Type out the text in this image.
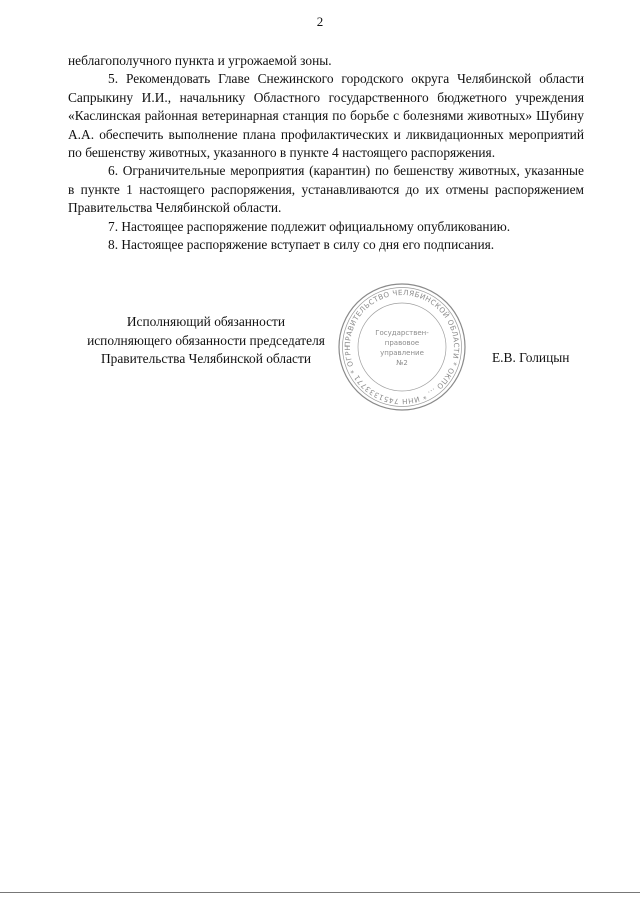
2

неблагополучного пункта и угрожаемой зоны.

5. Рекомендовать Главе Снежинского городского округа Челябинской области Сапрыкину И.И., начальнику Областного государственного бюджетного учреждения «Каслинская районная ветеринарная станция по борьбе с болезнями животных» Шубину А.А. обеспечить выполнение плана профилактических и ликвидационных мероприятий по бешенству животных, указанного в пункте 4 настоящего распоряжения.

6. Ограничительные мероприятия (карантин) по бешенству животных, указанные в пункте 1 настоящего распоряжения, устанавливаются до их отмены распоряжением Правительства Челябинской области.

7. Настоящее распоряжение подлежит официальному опубликованию.

8. Настоящее распоряжение вступает в силу со дня его подписания.

Исполняющий обязанности
исполняющего обязанности председателя
Правительства Челябинской области
ПРАВИТЕЛЬСТВО ЧЕЛЯБИНСКОЙ ОБЛАСТИ * ОКПО ... * ИНН 7451333771 * ОГРН
Государствен-
правовое
управление
№2	Е.В. Голицын
